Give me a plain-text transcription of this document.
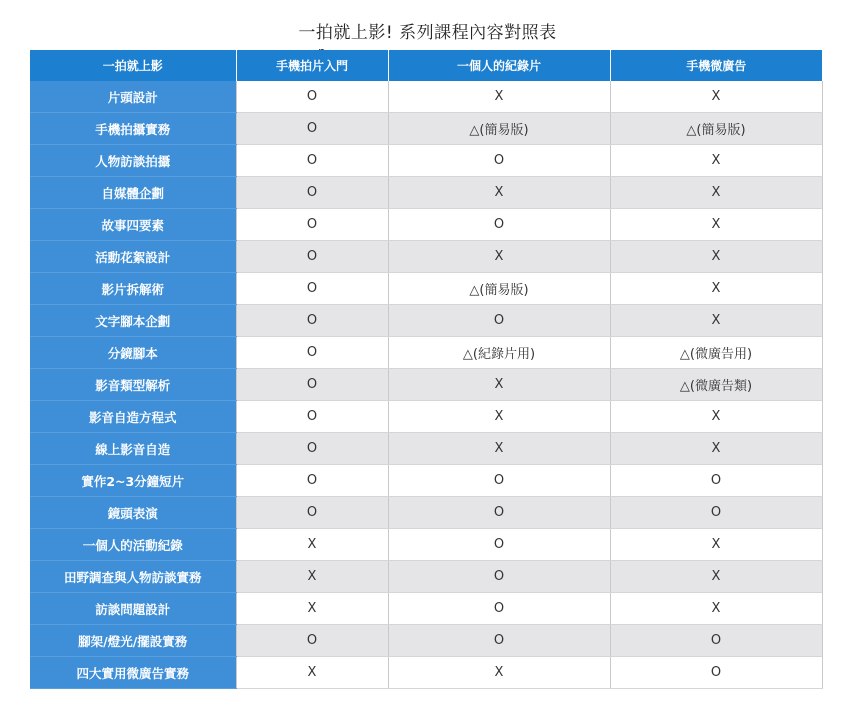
一拍就上影! 系列課程內容對照表
一拍就上影	手機拍片入門	一個人的紀錄片	手機微廣告
片頭設計	O	X	X
手機拍攝實務	O	△(簡易版)	△(簡易版)
人物訪談拍攝	O	O	X
自媒體企劃	O	X	X
故事四要素	O	O	X
活動花絮設計	O	X	X
影片拆解術	O	△(簡易版)	X
文字腳本企劃	O	O	X
分鏡腳本	O	△(紀錄片用)	△(微廣告用)
影音類型解析	O	X	△(微廣告類)
影音自造方程式	O	X	X
線上影音自造	O	X	X
實作2~3分鐘短片	O	O	O
鏡頭表演	O	O	O
一個人的活動紀錄	X	O	X
田野調查與人物訪談實務	X	O	X
訪談問題設計	X	O	X
腳架/燈光/擺設實務	O	O	O
四大實用微廣告實務	X	X	O
